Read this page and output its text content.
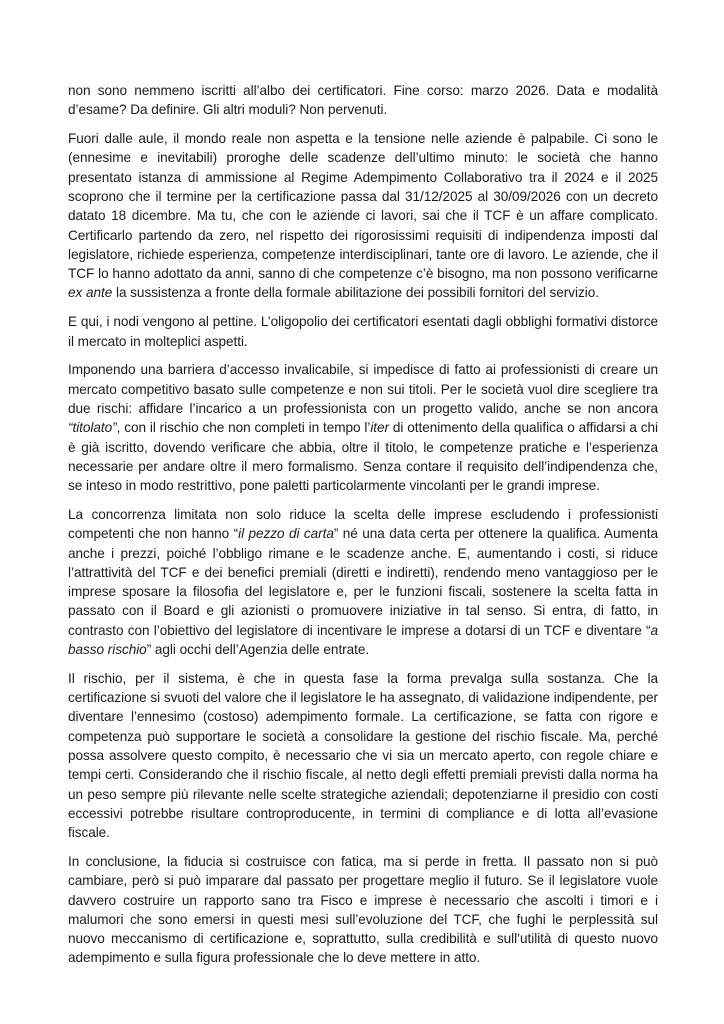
non sono nemmeno iscritti all’albo dei certificatori. Fine corso: marzo 2026. Data e modalità d’esame? Da definire. Gli altri moduli? Non pervenuti.

Fuori dalle aule, il mondo reale non aspetta e la tensione nelle aziende è palpabile. Ci sono le (ennesime e inevitabili) proroghe delle scadenze dell’ultimo minuto: le società che hanno presentato istanza di ammissione al Regime Adempimento Collaborativo tra il 2024 e il 2025 scoprono che il termine per la certificazione passa dal 31/12/2025 al 30/09/2026 con un decreto datato 18 dicembre. Ma tu, che con le aziende ci lavori, sai che il TCF è un affare complicato. Certificarlo partendo da zero, nel rispetto dei rigorosissimi requisiti di indipendenza imposti dal legislatore, richiede esperienza, competenze interdisciplinari, tante ore di lavoro. Le aziende, che il TCF lo hanno adottato da anni, sanno di che competenze c’è bisogno, ma non possono verificarne ex ante la sussistenza a fronte della formale abilitazione dei possibili fornitori del servizio.

E qui, i nodi vengono al pettine. L’oligopolio dei certificatori esentati dagli obblighi formativi distorce il mercato in molteplici aspetti.

Imponendo una barriera d’accesso invalicabile, si impedisce di fatto ai professionisti di creare un mercato competitivo basato sulle competenze e non sui titoli. Per le società vuol dire scegliere tra due rischi: affidare l’incarico a un professionista con un progetto valido, anche se non ancora “titolato”, con il rischio che non completi in tempo l’iter di ottenimento della qualifica o affidarsi a chi è già iscritto, dovendo verificare che abbia, oltre il titolo, le competenze pratiche e l’esperienza necessarie per andare oltre il mero formalismo. Senza contare il requisito dell’indipendenza che, se inteso in modo restrittivo, pone paletti particolarmente vincolanti per le grandi imprese.

La concorrenza limitata non solo riduce la scelta delle imprese escludendo i professionisti competenti che non hanno “il pezzo di carta” né una data certa per ottenere la qualifica. Aumenta anche i prezzi, poiché l’obbligo rimane e le scadenze anche. E, aumentando i costi, si riduce l’attrattività del TCF e dei benefici premiali (diretti e indiretti), rendendo meno vantaggioso per le imprese sposare la filosofia del legislatore e, per le funzioni fiscali, sostenere la scelta fatta in passato con il Board e gli azionisti o promuovere iniziative in tal senso. Si entra, di fatto, in contrasto con l’obiettivo del legislatore di incentivare le imprese a dotarsi di un TCF e diventare “a basso rischio” agli occhi dell’Agenzia delle entrate.

Il rischio, per il sistema, è che in questa fase la forma prevalga sulla sostanza. Che la certificazione si svuoti del valore che il legislatore le ha assegnato, di validazione indipendente, per diventare l’ennesimo (costoso) adempimento formale. La certificazione, se fatta con rigore e competenza può supportare le società a consolidare la gestione del rischio fiscale. Ma, perché possa assolvere questo compito, è necessario che vi sia un mercato aperto, con regole chiare e tempi certi. Considerando che il rischio fiscale, al netto degli effetti premiali previsti dalla norma ha un peso sempre più rilevante nelle scelte strategiche aziendali; depotenziarne il presidio con costi eccessivi potrebbe risultare controproducente, in termini di compliance e di lotta all’evasione fiscale.

In conclusione, la fiducia si costruisce con fatica, ma si perde in fretta. Il passato non si può cambiare, però si può imparare dal passato per progettare meglio il futuro. Se il legislatore vuole davvero costruire un rapporto sano tra Fisco e imprese è necessario che ascolti i timori e i malumori che sono emersi in questi mesi sull’evoluzione del TCF, che fughi le perplessità sul nuovo meccanismo di certificazione e, soprattutto, sulla credibilità e sull’utilità di questo nuovo adempimento e sulla figura professionale che lo deve mettere in atto.
